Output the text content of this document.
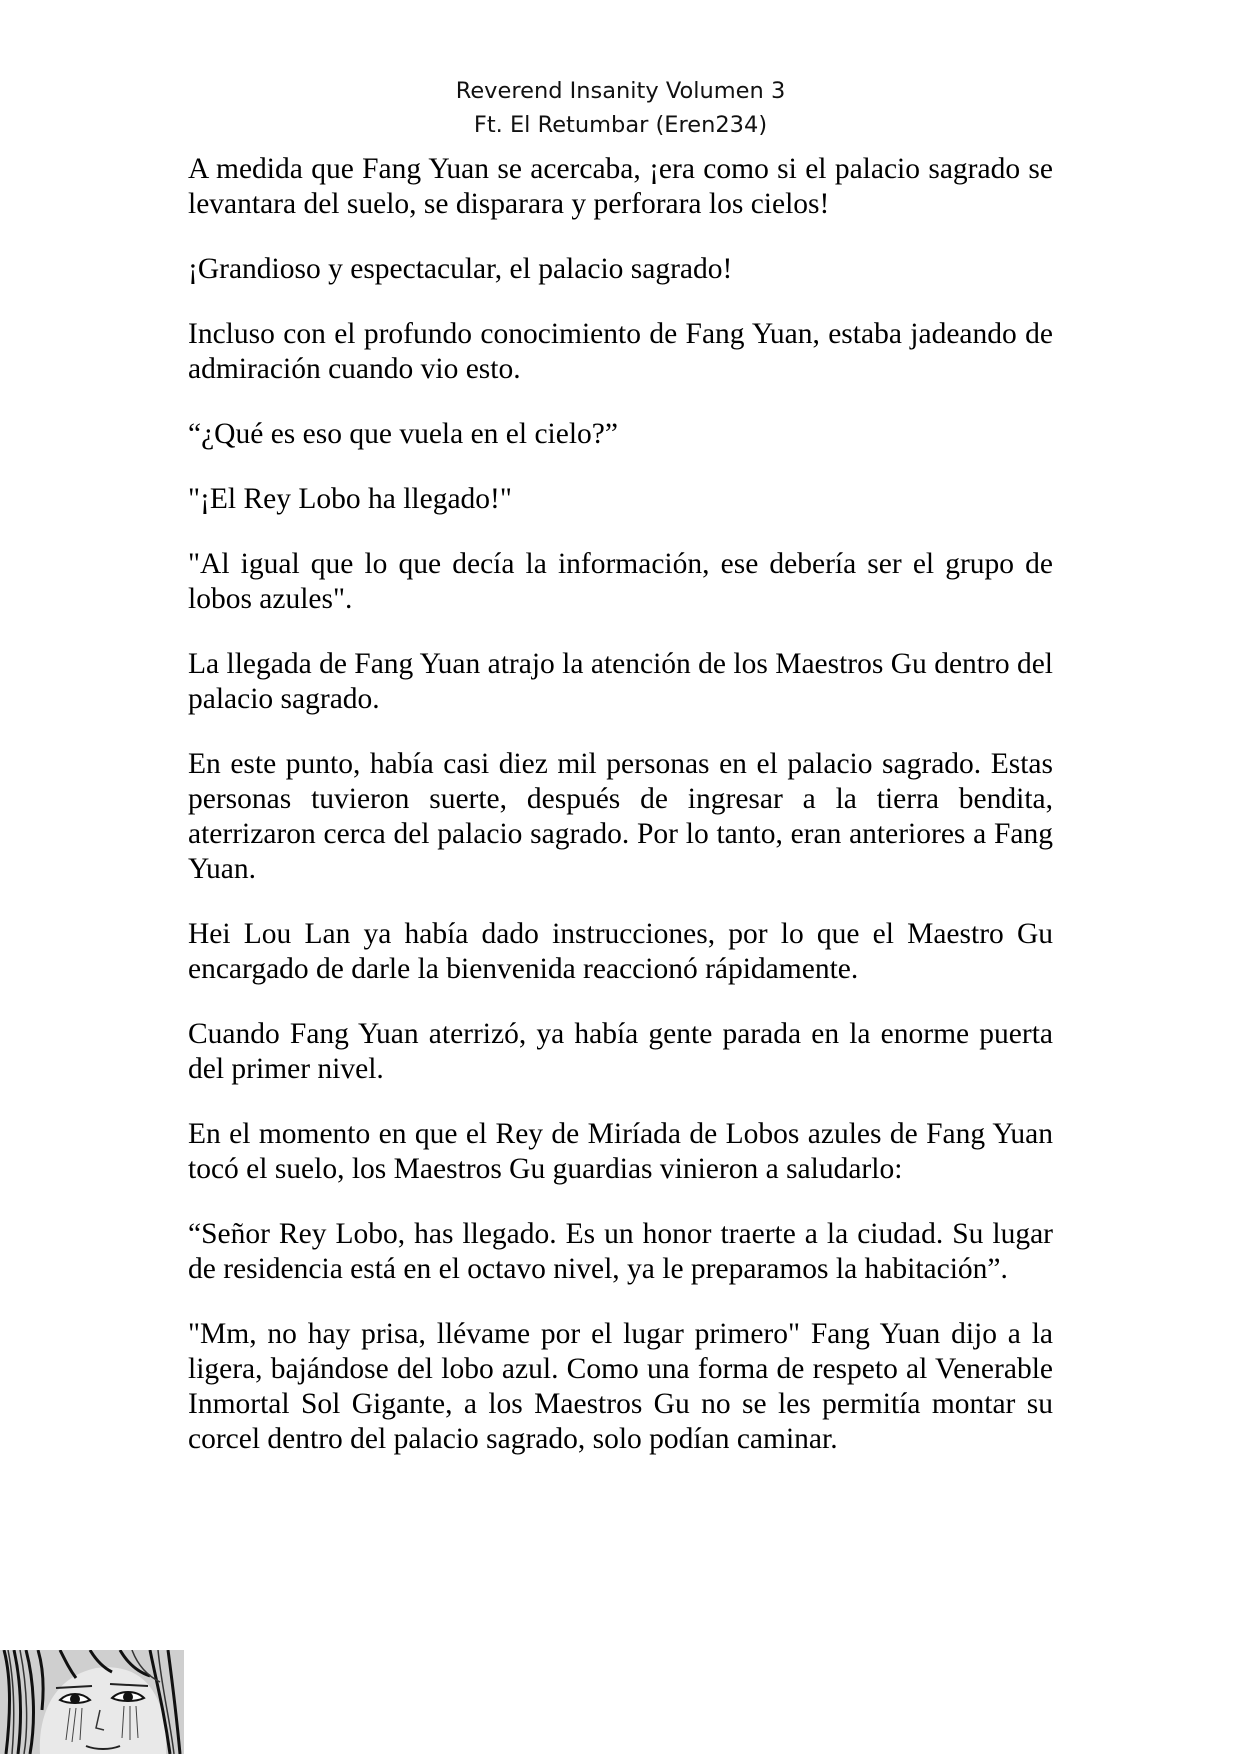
Reverend Insanity Volumen 3
Ft. El Retumbar (Eren234)

A medida que Fang Yuan se acercaba, ¡era como si el palacio sagrado se levantara del suelo, se disparara y perforara los cielos!

¡Grandioso y espectacular, el palacio sagrado!

Incluso con el profundo conocimiento de Fang Yuan, estaba jadeando de admiración cuando vio esto.

“¿Qué es eso que vuela en el cielo?”

"¡El Rey Lobo ha llegado!"

"Al igual que lo que decía la información, ese debería ser el grupo de lobos azules".

La llegada de Fang Yuan atrajo la atención de los Maestros Gu dentro del palacio sagrado.

En este punto, había casi diez mil personas en el palacio sagrado. Estas personas tuvieron suerte, después de ingresar a la tierra bendita, aterrizaron cerca del palacio sagrado. Por lo tanto, eran anteriores a Fang Yuan.

Hei Lou Lan ya había dado instrucciones, por lo que el Maestro Gu encargado de darle la bienvenida reaccionó rápidamente.

Cuando Fang Yuan aterrizó, ya había gente parada en la enorme puerta del primer nivel.

En el momento en que el Rey de Miríada de Lobos azules de Fang Yuan tocó el suelo, los Maestros Gu guardias vinieron a saludarlo:

“Señor Rey Lobo, has llegado. Es un honor traerte a la ciudad. Su lugar de residencia está en el octavo nivel, ya le preparamos la habitación”.

"Mm, no hay prisa, llévame por el lugar primero" Fang Yuan dijo a la ligera, bajándose del lobo azul. Como una forma de respeto al Venerable Inmortal Sol Gigante, a los Maestros Gu no se les permitía montar su corcel dentro del palacio sagrado, solo podían caminar.
